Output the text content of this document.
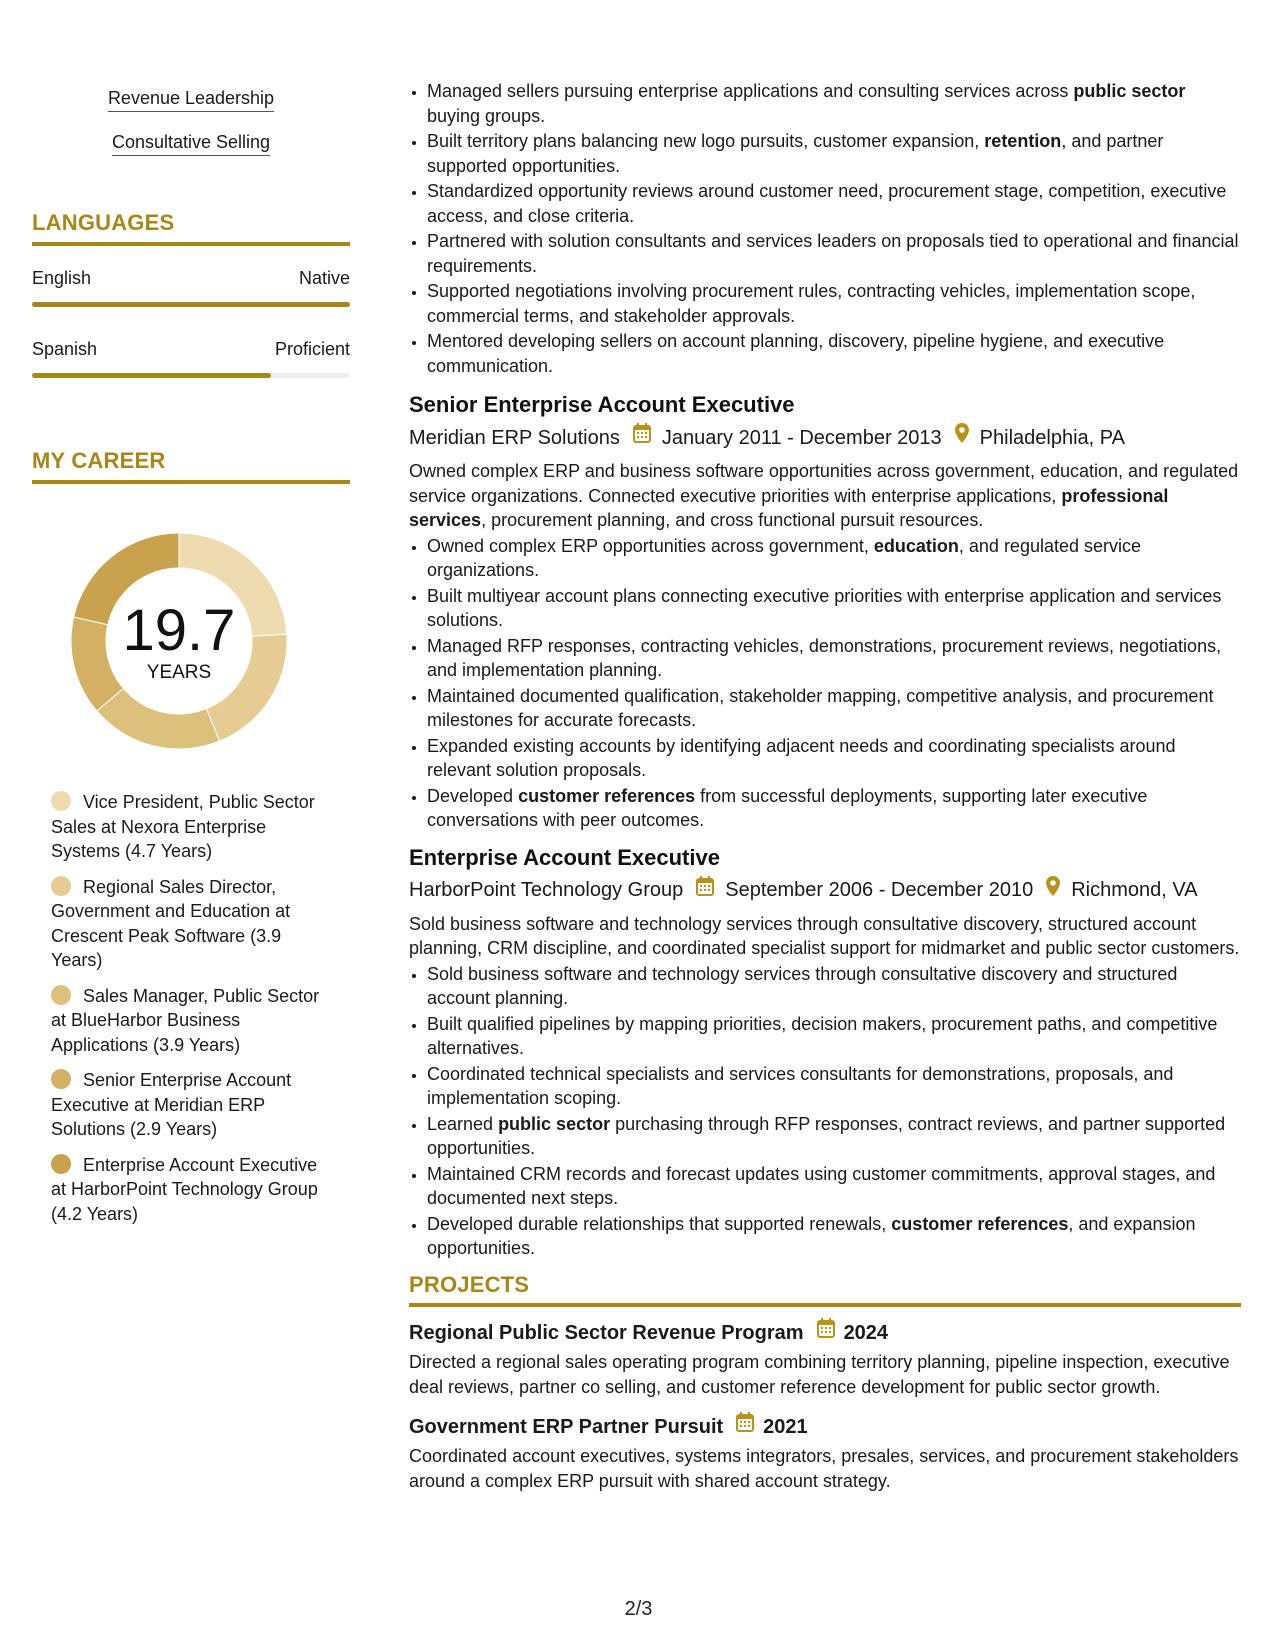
Revenue Leadership
Consultative Selling
LANGUAGES
English	Native
Spanish	Proficient
MY CAREER
19.7
YEARS
Vice President, Public Sector Sales at Nexora Enterprise Systems (4.7 Years)
Regional Sales Director, Government and Education at Crescent Peak Software (3.9 Years)
Sales Manager, Public Sector at BlueHarbor Business Applications (3.9 Years)
Senior Enterprise Account Executive at Meridian ERP Solutions (2.9 Years)
Enterprise Account Executive at HarborPoint Technology Group (4.2 Years)
• Managed sellers pursuing enterprise applications and consulting services across public sector buying groups.
• Built territory plans balancing new logo pursuits, customer expansion, retention, and partner supported opportunities.
• Standardized opportunity reviews around customer need, procurement stage, competition, executive access, and close criteria.
• Partnered with solution consultants and services leaders on proposals tied to operational and financial requirements.
• Supported negotiations involving procurement rules, contracting vehicles, implementation scope, commercial terms, and stakeholder approvals.
• Mentored developing sellers on account planning, discovery, pipeline hygiene, and executive communication.
Senior Enterprise Account Executive
Meridian ERP Solutions January 2011 - December 2013 Philadelphia, PA
Owned complex ERP and business software opportunities across government, education, and regulated service organizations. Connected executive priorities with enterprise applications, professional services, procurement planning, and cross functional pursuit resources.
• Owned complex ERP opportunities across government, education, and regulated service organizations.
• Built multiyear account plans connecting executive priorities with enterprise application and services solutions.
• Managed RFP responses, contracting vehicles, demonstrations, procurement reviews, negotiations, and implementation planning.
• Maintained documented qualification, stakeholder mapping, competitive analysis, and procurement milestones for accurate forecasts.
• Expanded existing accounts by identifying adjacent needs and coordinating specialists around relevant solution proposals.
• Developed customer references from successful deployments, supporting later executive conversations with peer outcomes.
Enterprise Account Executive
HarborPoint Technology Group September 2006 - December 2010 Richmond, VA
Sold business software and technology services through consultative discovery, structured account planning, CRM discipline, and coordinated specialist support for midmarket and public sector customers.
• Sold business software and technology services through consultative discovery and structured account planning.
• Built qualified pipelines by mapping priorities, decision makers, procurement paths, and competitive alternatives.
• Coordinated technical specialists and services consultants for demonstrations, proposals, and implementation scoping.
• Learned public sector purchasing through RFP responses, contract reviews, and partner supported opportunities.
• Maintained CRM records and forecast updates using customer commitments, approval stages, and documented next steps.
• Developed durable relationships that supported renewals, customer references, and expansion opportunities.
PROJECTS
Regional Public Sector Revenue Program 2024
Directed a regional sales operating program combining territory planning, pipeline inspection, executive deal reviews, partner co selling, and customer reference development for public sector growth.
Government ERP Partner Pursuit 2021
Coordinated account executives, systems integrators, presales, services, and procurement stakeholders around a complex ERP pursuit with shared account strategy.
2/3
